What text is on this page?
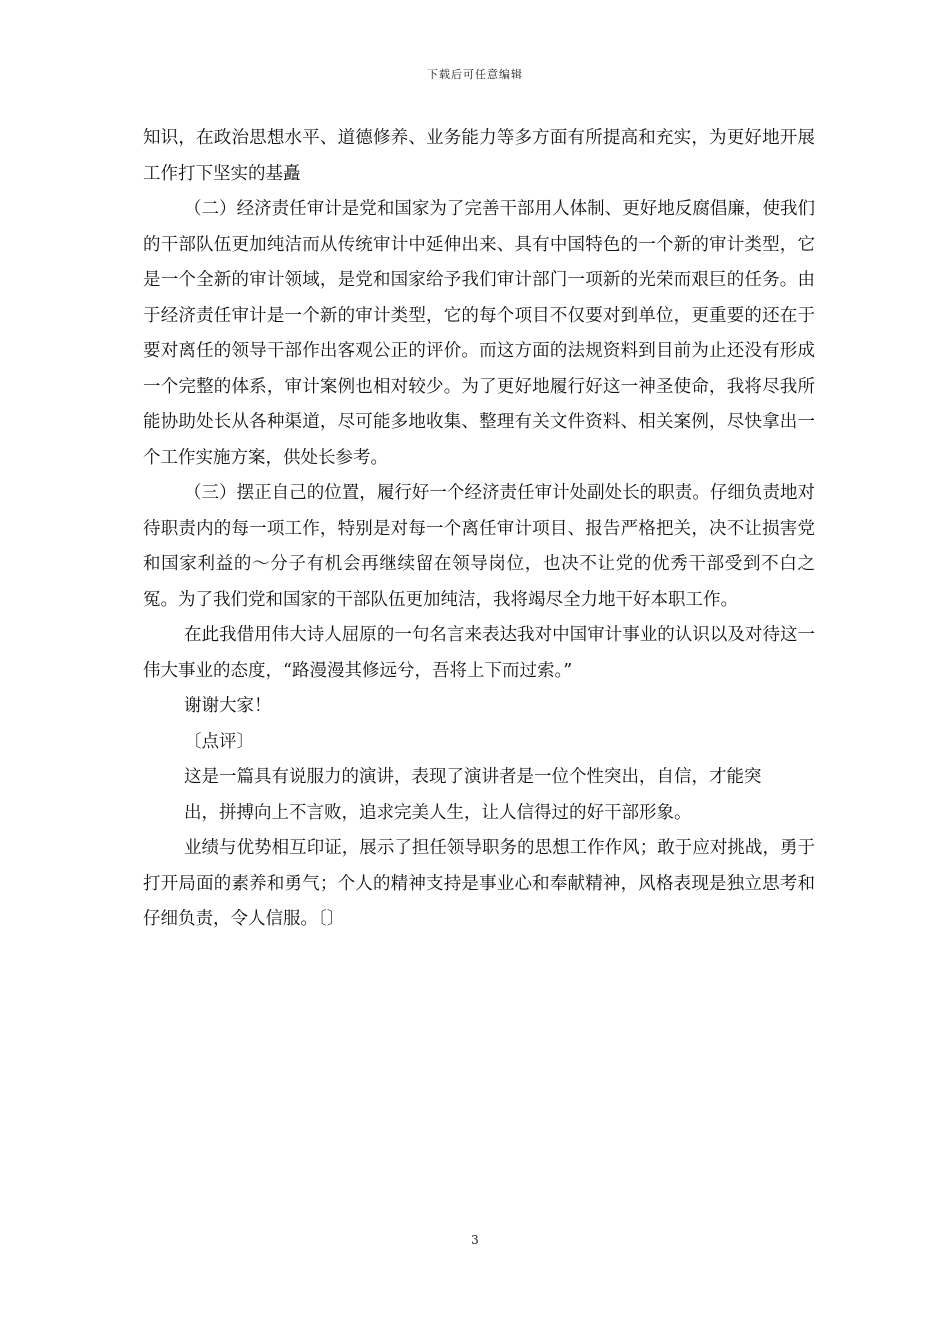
下载后可任意编辑

知识，在政治思想水平、道德修养、业务能力等多方面有所提高和充实，为更好地开展工作打下坚实的基矗

（二）经济责任审计是党和国家为了完善干部用人体制、更好地反腐倡廉，使我们的干部队伍更加纯洁而从传统审计中延伸出来、具有中国特色的一个新的审计类型，它是一个全新的审计领域，是党和国家给予我们审计部门一项新的光荣而艰巨的任务。由于经济责任审计是一个新的审计类型，它的每个项目不仅要对到单位，更重要的还在于要对离任的领导干部作出客观公正的评价。而这方面的法规资料到目前为止还没有形成一个完整的体系，审计案例也相对较少。为了更好地履行好这一神圣使命，我将尽我所能协助处长从各种渠道，尽可能多地收集、整理有关文件资料、相关案例，尽快拿出一个工作实施方案，供处长参考。

（三）摆正自己的位置，履行好一个经济责任审计处副处长的职责。仔细负责地对待职责内的每一项工作，特别是对每一个离任审计项目、报告严格把关，决不让损害党和国家利益的～分子有机会再继续留在领导岗位，也决不让党的优秀干部受到不白之冤。为了我们党和国家的干部队伍更加纯洁，我将竭尽全力地干好本职工作。

在此我借用伟大诗人屈原的一句名言来表达我对中国审计事业的认识以及对待这一伟大事业的态度，“路漫漫其修远兮，吾将上下而过索。”

谢谢大家！

〔点评〕

这是一篇具有说服力的演讲，表现了演讲者是一位个性突出，自信，才能突

出，拼搏向上不言败，追求完美人生，让人信得过的好干部形象。

业绩与优势相互印证，展示了担任领导职务的思想工作作风；敢于应对挑战，勇于打开局面的素养和勇气；个人的精神支持是事业心和奉献精神，风格表现是独立思考和仔细负责，令人信服。〔〕

3
